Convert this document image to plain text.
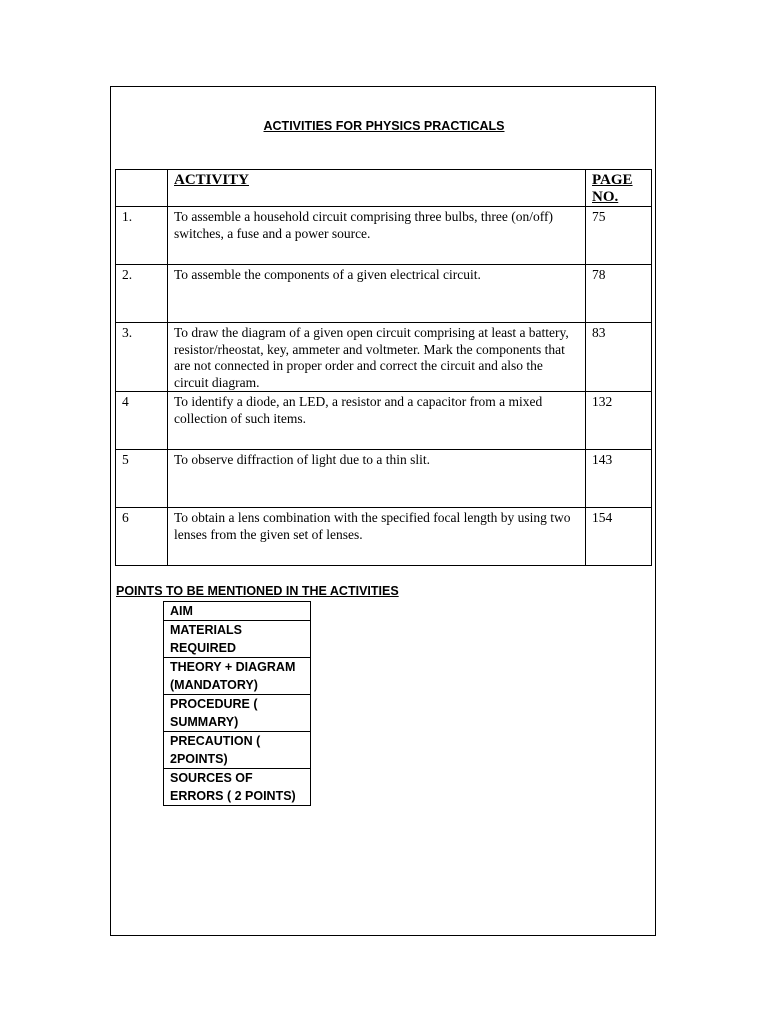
ACTIVITIES FOR PHYSICS PRACTICALS
	ACTIVITY	PAGE NO.
1.	To assemble a household circuit comprising three bulbs, three (on/off) switches, a fuse and a power source.	75
2.	To assemble the components of a given electrical circuit.	78
3.	To draw the diagram of a given open circuit comprising at least a battery, resistor/rheostat, key, ammeter and voltmeter. Mark the components that are not connected in proper order and correct the circuit and also the circuit diagram.	83
4	To identify a diode, an LED, a resistor and a capacitor from a mixed collection of such items.	132
5	To observe diffraction of light due to a thin slit.	143
6	To obtain a lens combination with the specified focal length by using two lenses from the given set of lenses.	154
POINTS TO BE MENTIONED IN THE ACTIVITIES
AIM
MATERIALS REQUIRED
THEORY + DIAGRAM (MANDATORY)
PROCEDURE ( SUMMARY)
PRECAUTION ( 2POINTS)
SOURCES OF ERRORS ( 2 POINTS)
